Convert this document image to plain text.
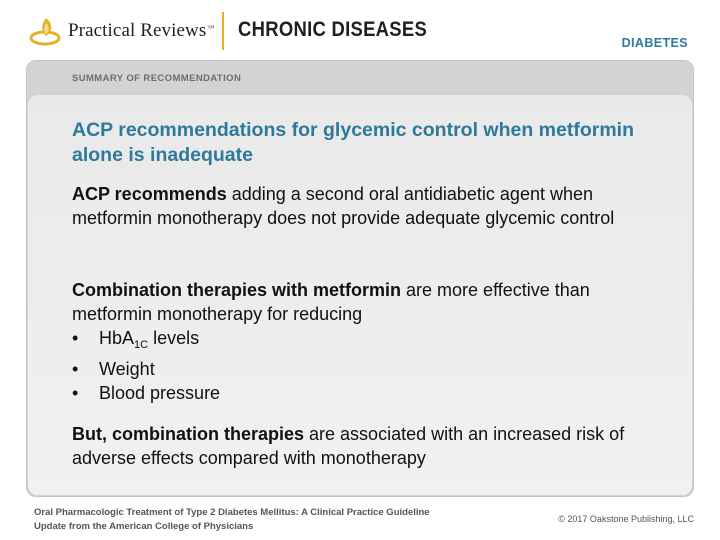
Practical Reviews™ CHRONIC DISEASES
DIABETES
SUMMARY OF RECOMMENDATION
ACP recommendations for glycemic control when metformin alone is inadequate
ACP recommends adding a second oral antidiabetic agent when metformin monotherapy does not provide adequate glycemic control
Combination therapies with metformin are more effective than metformin monotherapy for reducing
•	HbA$_{1C}$ levels
•	Weight
•	Blood pressure
But, combination therapies are associated with an increased risk of adverse effects compared with monotherapy
Oral Pharmacologic Treatment of Type 2 Diabetes Mellitus: A Clinical Practice Guideline
Update from the American College of Physicians
© 2017 Oakstone Publishing, LLC
